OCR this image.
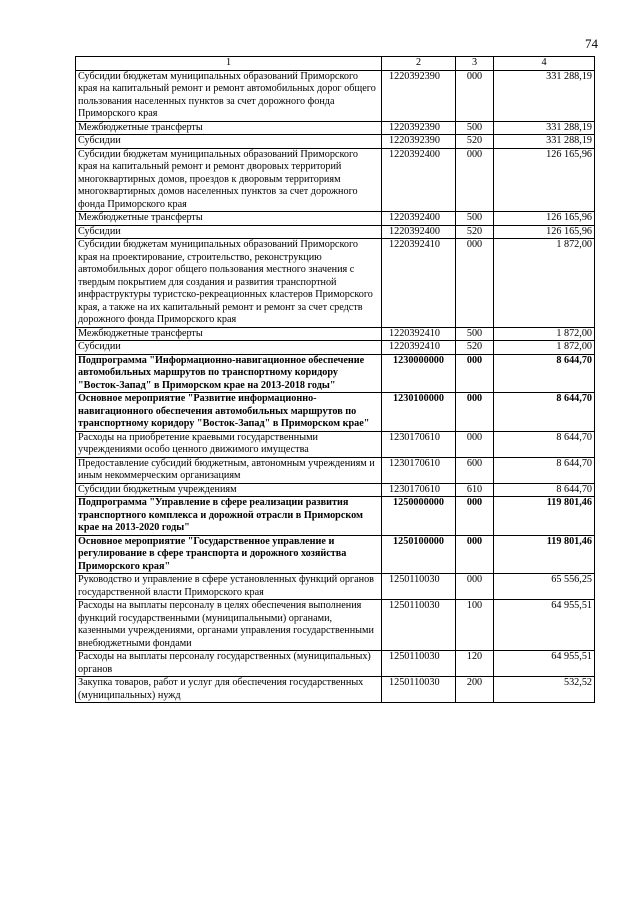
74
1	2	3	4
Субсидии бюджетам муниципальных образований Приморского края на капитальный ремонт и ремонт автомобильных дорог общего пользования населенных пунктов за счет дорожного фонда Приморского края	1220392390	000	331 288,19
Межбюджетные трансферты	1220392390	500	331 288,19
Субсидии	1220392390	520	331 288,19
Субсидии бюджетам муниципальных образований Приморского края на капитальный ремонт и ремонт дворовых территорий многоквартирных домов, проездов к дворовым территориям многоквартирных домов населенных пунктов за счет дорожного фонда Приморского края	1220392400	000	126 165,96
Межбюджетные трансферты	1220392400	500	126 165,96
Субсидии	1220392400	520	126 165,96
Субсидии бюджетам муниципальных образований Приморского края на проектирование, строительство, реконструкцию автомобильных дорог общего пользования местного значения с твердым покрытием для создания и развития транспортной инфраструктуры туристско-рекреационных кластеров Приморского края, а также на их капитальный ремонт и ремонт за счет средств дорожного фонда Приморского края	1220392410	000	1 872,00
Межбюджетные трансферты	1220392410	500	1 872,00
Субсидии	1220392410	520	1 872,00
Подпрограмма "Информационно-навигационное обеспечение автомобильных маршрутов по транспортному коридору "Восток-Запад" в Приморском крае на 2013-2018 годы"	1230000000	000	8 644,70
Основное мероприятие "Развитие информационно-навигационного обеспечения автомобильных маршрутов по транспортному коридору "Восток-Запад" в Приморском крае"	1230100000	000	8 644,70
Расходы на приобретение краевыми государственными учреждениями особо ценного движимого имущества	1230170610	000	8 644,70
Предоставление субсидий бюджетным, автономным учреждениям и иным некоммерческим организациям	1230170610	600	8 644,70
Субсидии бюджетным учреждениям	1230170610	610	8 644,70
Подпрограмма "Управление в сфере реализации развития транспортного комплекса и дорожной отрасли в Приморском крае на 2013-2020 годы"	1250000000	000	119 801,46
Основное мероприятие "Государственное управление и регулирование в сфере транспорта и дорожного хозяйства Приморского края"	1250100000	000	119 801,46
Руководство и управление в сфере установленных функций органов государственной власти Приморского края	1250110030	000	65 556,25
Расходы на выплаты персоналу в целях обеспечения выполнения функций государственными (муниципальными) органами, казенными учреждениями, органами управления государственными внебюджетными фондами	1250110030	100	64 955,51
Расходы на выплаты персоналу государственных (муниципальных) органов	1250110030	120	64 955,51
Закупка товаров, работ и услуг для обеспечения государственных (муниципальных) нужд	1250110030	200	532,52
